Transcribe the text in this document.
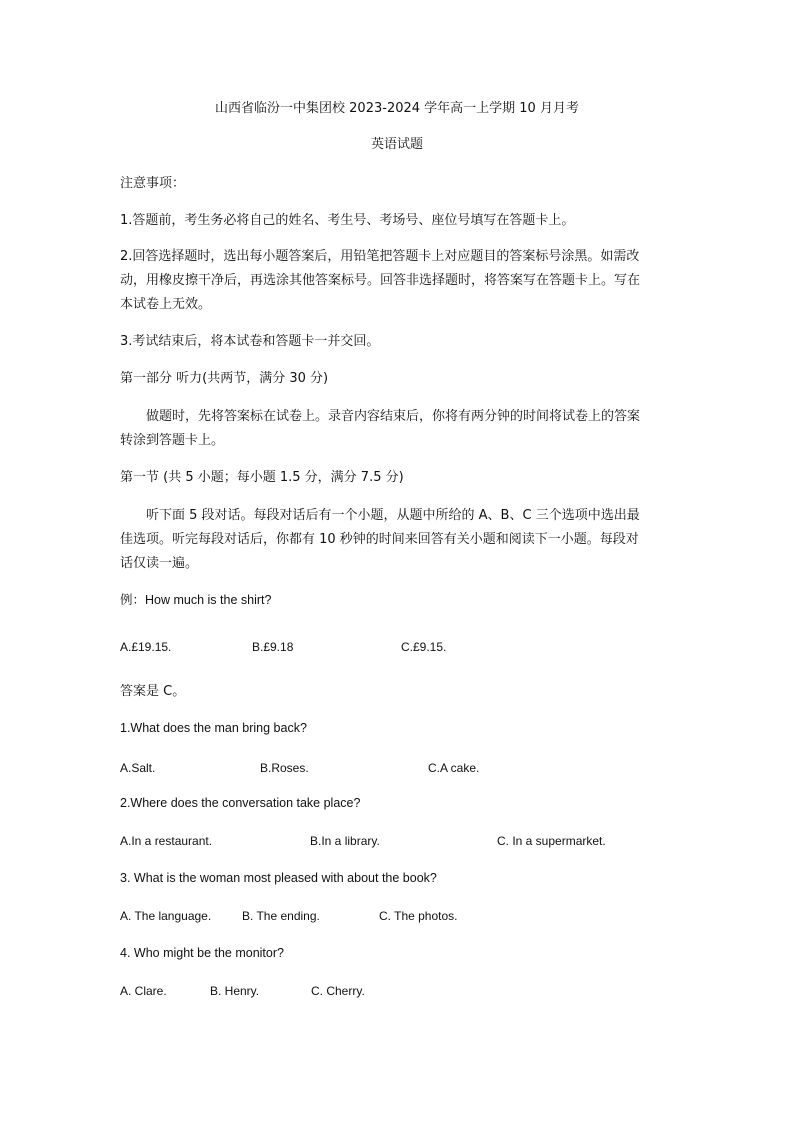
山西省临汾一中集团校 2023-2024 学年高一上学期 10 月月考
英语试题
注意事项：
1.答题前，考生务必将自己的姓名、考生号、考场号、座位号填写在答题卡上。
2.回答选择题时，选出每小题答案后，用铅笔把答题卡上对应题目的答案标号涂黑。如需改
动，用橡皮擦干净后，再选涂其他答案标号。回答非选择题时，将答案写在答题卡上。写在
本试卷上无效。
3.考试结束后，将本试卷和答题卡一并交回。
第一部分 听力(共两节，满分 30 分)
做题时，先将答案标在试卷上。录音内容结束后，你将有两分钟的时间将试卷上的答案
转涂到答题卡上。
第一节 (共 5 小题；每小题 1.5 分，满分 7.5 分)
听下面 5 段对话。每段对话后有一个小题，从题中所给的 A、B、C 三个选项中选出最
佳选项。听完每段对话后，你都有 10 秒钟的时间来回答有关小题和阅读下一小题。每段对
话仅读一遍。
例：How much is the shirt?
A.£19.15.	B.£9.18	C.£9.15.
答案是 C。
1.What does the man bring back?
A.Salt.	B.Roses.	C.A cake.
2.Where does the conversation take place?
A.In a restaurant.	B.In a library.	C. In a supermarket.
3. What is the woman most pleased with about the book?
A. The language.	B. The ending.	C. The photos.
4. Who might be the monitor?
A. Clare.	B. Henry.	C. Cherry.
